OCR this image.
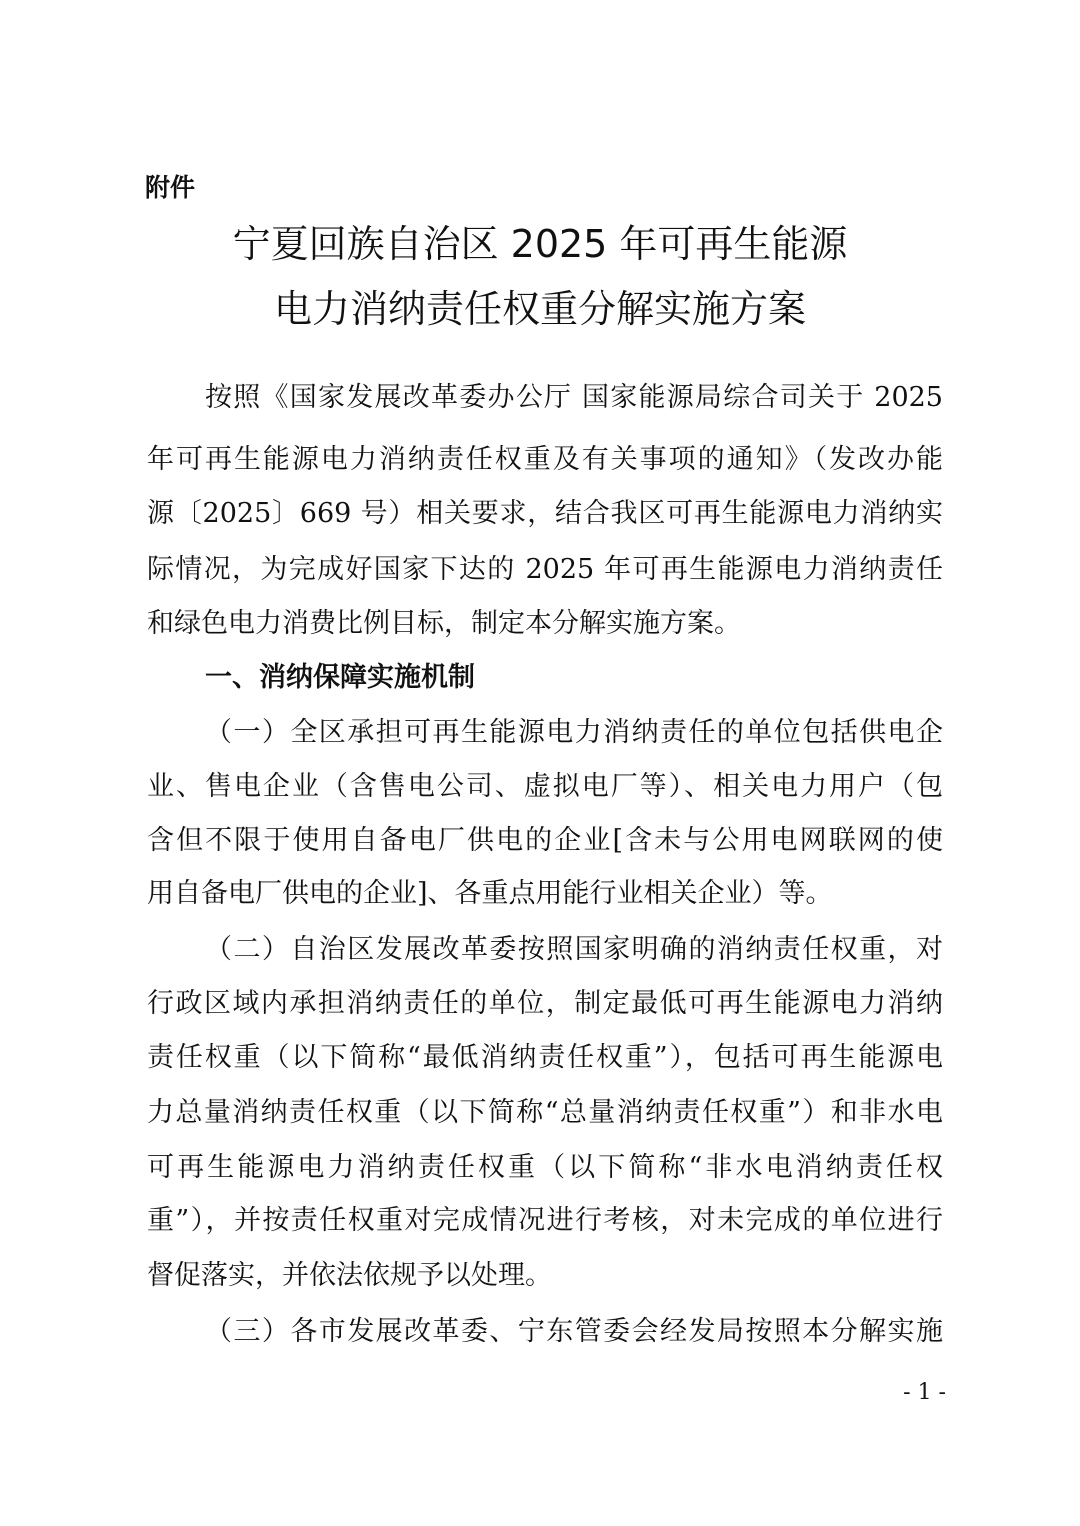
附件
宁夏回族自治区 2025 年可再生能源
电力消纳责任权重分解实施方案
按照《国家发展改革委办公厅 国家能源局综合司关于 2025
年可再生能源电力消纳责任权重及有关事项的通知》（发改办能
源〔2025〕669 号）相关要求，结合我区可再生能源电力消纳实
际情况，为完成好国家下达的 2025 年可再生能源电力消纳责任
和绿色电力消费比例目标，制定本分解实施方案。
一、消纳保障实施机制
（一）全区承担可再生能源电力消纳责任的单位包括供电企
业、售电企业（含售电公司、虚拟电厂等）、相关电力用户（包
含但不限于使用自备电厂供电的企业[含未与公用电网联网的使
用自备电厂供电的企业]、各重点用能行业相关企业）等。
（二）自治区发展改革委按照国家明确的消纳责任权重，对
行政区域内承担消纳责任的单位，制定最低可再生能源电力消纳
责任权重（以下简称“最低消纳责任权重”），包括可再生能源电
力总量消纳责任权重（以下简称“总量消纳责任权重”）和非水电
可再生能源电力消纳责任权重（以下简称“非水电消纳责任权
重”），并按责任权重对完成情况进行考核，对未完成的单位进行
督促落实，并依法依规予以处理。
（三）各市发展改革委、宁东管委会经发局按照本分解实施
- 1 -
